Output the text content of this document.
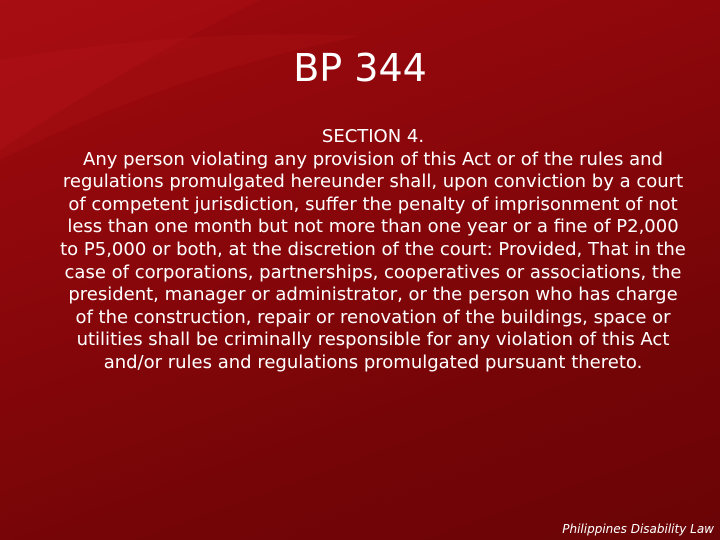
BP 344
SECTION 4.
Any person violating any provision of this Act or of the rules and regulations promulgated hereunder shall, upon conviction by a court of competent jurisdiction, suffer the penalty of imprisonment of not less than one month but not more than one year or a fine of P2,000 to P5,000 or both, at the discretion of the court: Provided, That in the case of corporations, partnerships, cooperatives or associations, the president, manager or administrator, or the person who has charge of the construction, repair or renovation of the buildings, space or utilities shall be criminally responsible for any violation of this Act and/or rules and regulations promulgated pursuant thereto.
Philippines Disability Law
